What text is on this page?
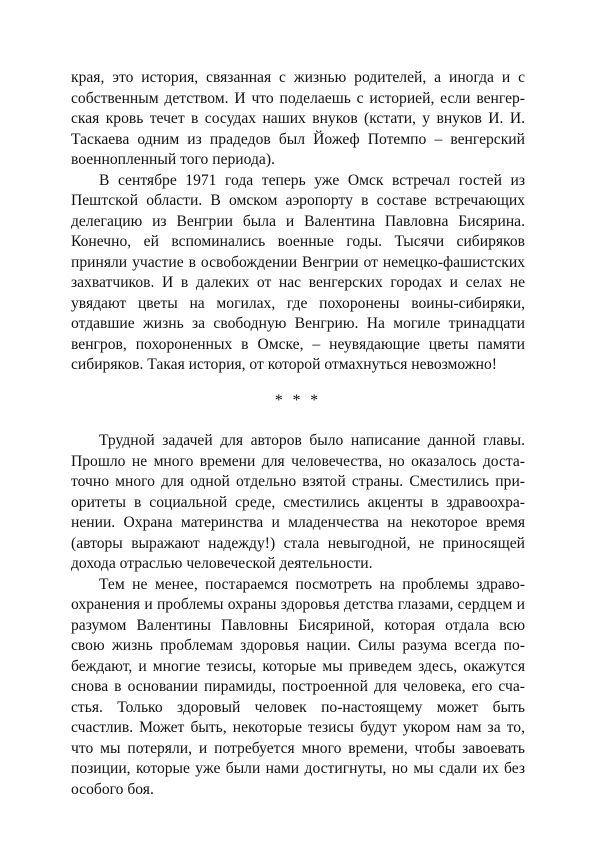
края, это история, связанная с жизнью родителей, а иногда и с собственным детством. И что поделаешь с историей, если венгерская кровь течет в сосудах наших внуков (кстати, у внуков И. И. Таскаева одним из прадедов был Йожеф Потемпо – венгерский военнопленный того периода).

В сентябре 1971 года теперь уже Омск встречал гостей из Пештской области. В омском аэропорту в составе встречающих делегацию из Венгрии была и Валентина Павловна Бисярина. Конечно, ей вспоминались военные годы. Тысячи сибиряков приняли участие в освобождении Венгрии от немецко-фашистских захватчиков. И в далеких от нас венгерских городах и селах не увядают цветы на могилах, где похоронены воины-сибиряки, отдавшие жизнь за свободную Венгрию. На могиле тринадцати венгров, похороненных в Омске, – неувядающие цветы памяти сибиряков. Такая история, от которой отмахнуться невозможно!

* * *

Трудной задачей для авторов было написание данной главы. Прошло не много времени для человечества, но оказалось достаточно много для одной отдельно взятой страны. Сместились приоритеты в социальной среде, сместились акценты в здравоохранении. Охрана материнства и младенчества на некоторое время (авторы выражают надежду!) стала невыгодной, не приносящей дохода отраслью человеческой деятельности.

Тем не менее, постараемся посмотреть на проблемы здравоохранения и проблемы охраны здоровья детства глазами, сердцем и разумом Валентины Павловны Бисяриной, которая отдала всю свою жизнь проблемам здоровья нации. Силы разума всегда побеждают, и многие тезисы, которые мы приведем здесь, окажутся снова в основании пирамиды, построенной для человека, его счастья. Только здоровый человек по-настоящему может быть счастлив. Может быть, некоторые тезисы будут укором нам за то, что мы потеряли, и потребуется много времени, чтобы завоевать позиции, которые уже были нами достигнуты, но мы сдали их без особого боя.
